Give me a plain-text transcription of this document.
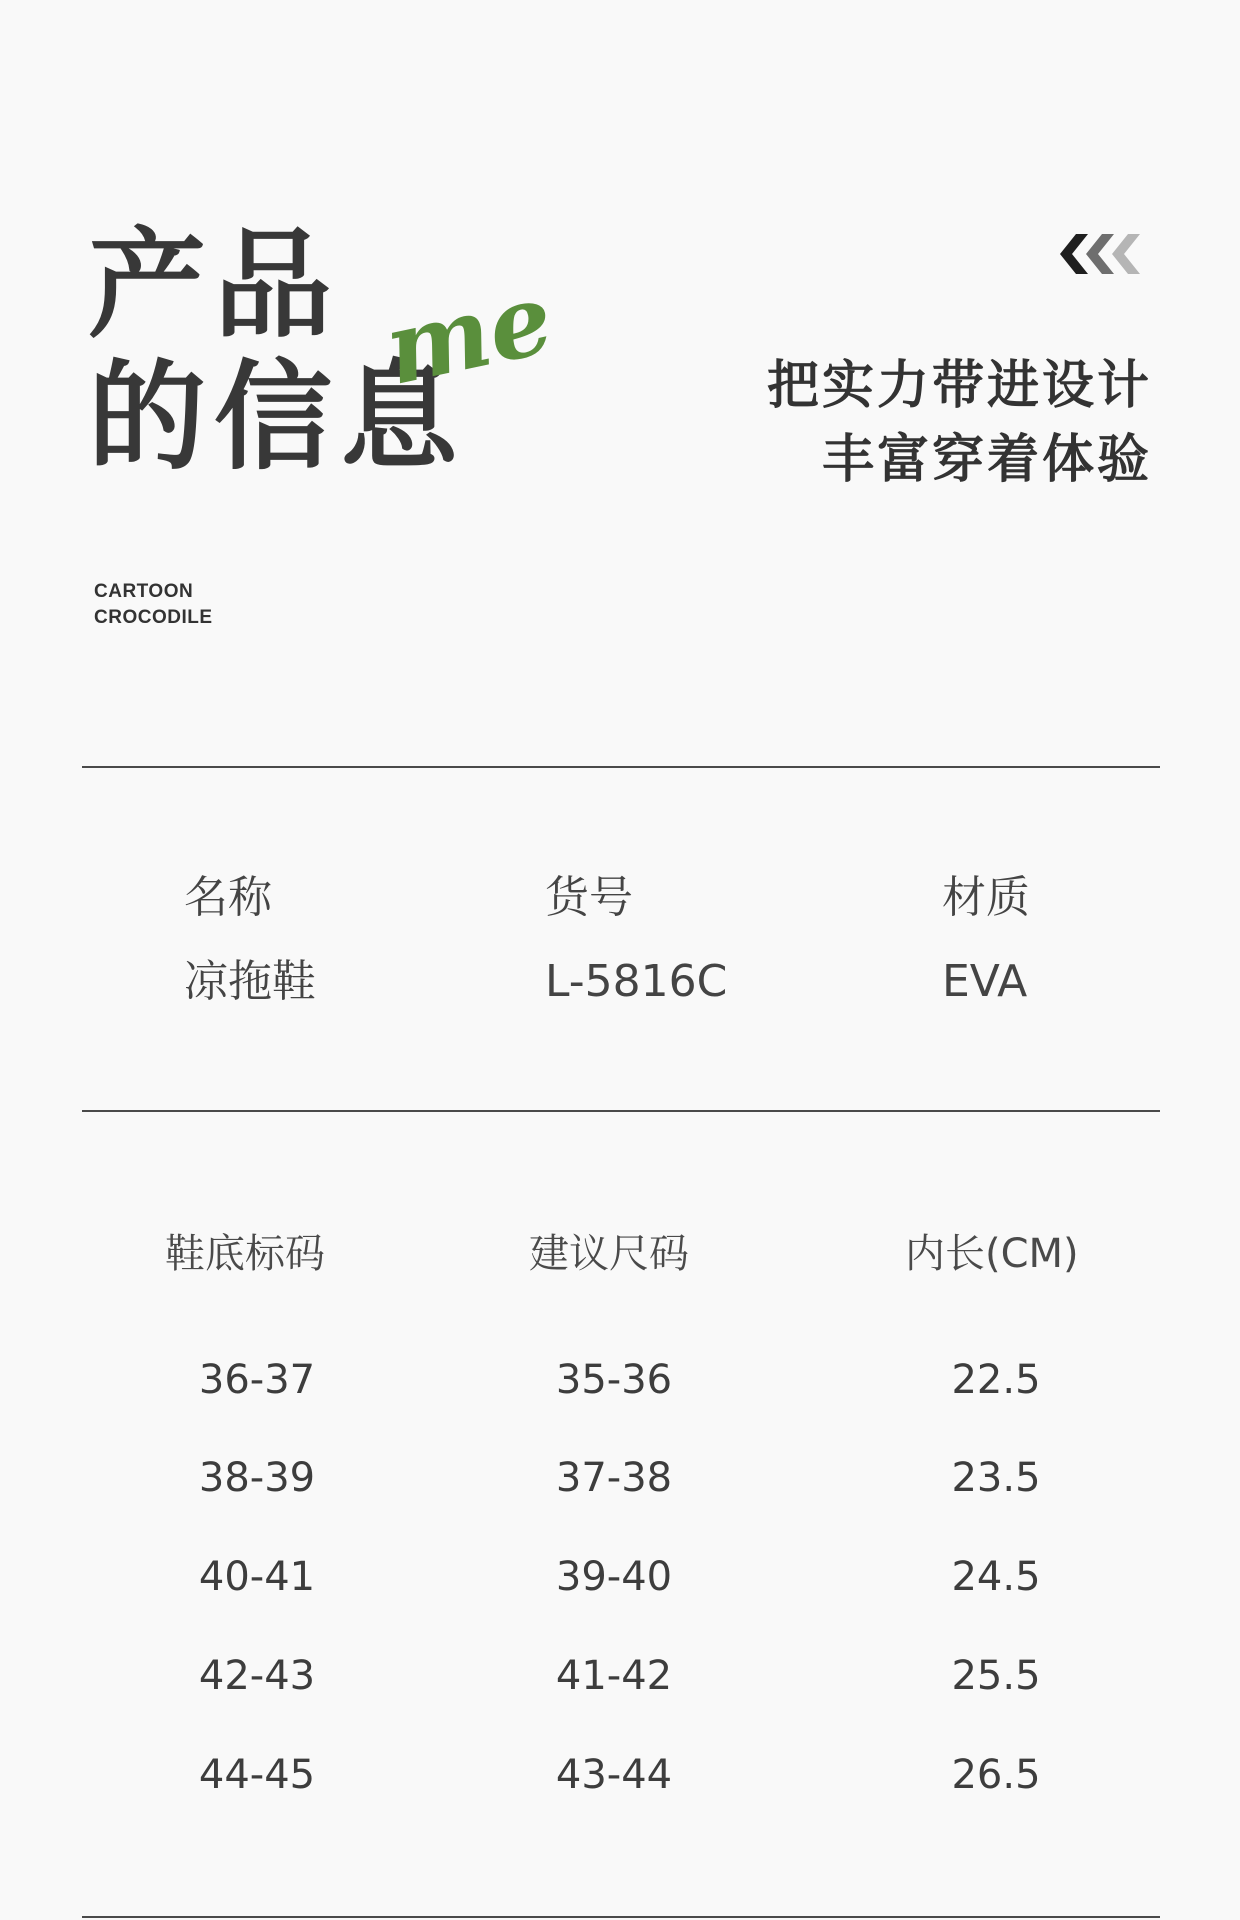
产品
的信息
me	把实力带进设计
丰富穿着体验
CARTOON
CROCODILE
名称	货号	材质
凉拖鞋	L-5816C	EVA
鞋底标码	建议尺码	内长(CM)
36-37	35-36	22.5
38-39	37-38	23.5
40-41	39-40	24.5
42-43	41-42	25.5
44-45	43-44	26.5
